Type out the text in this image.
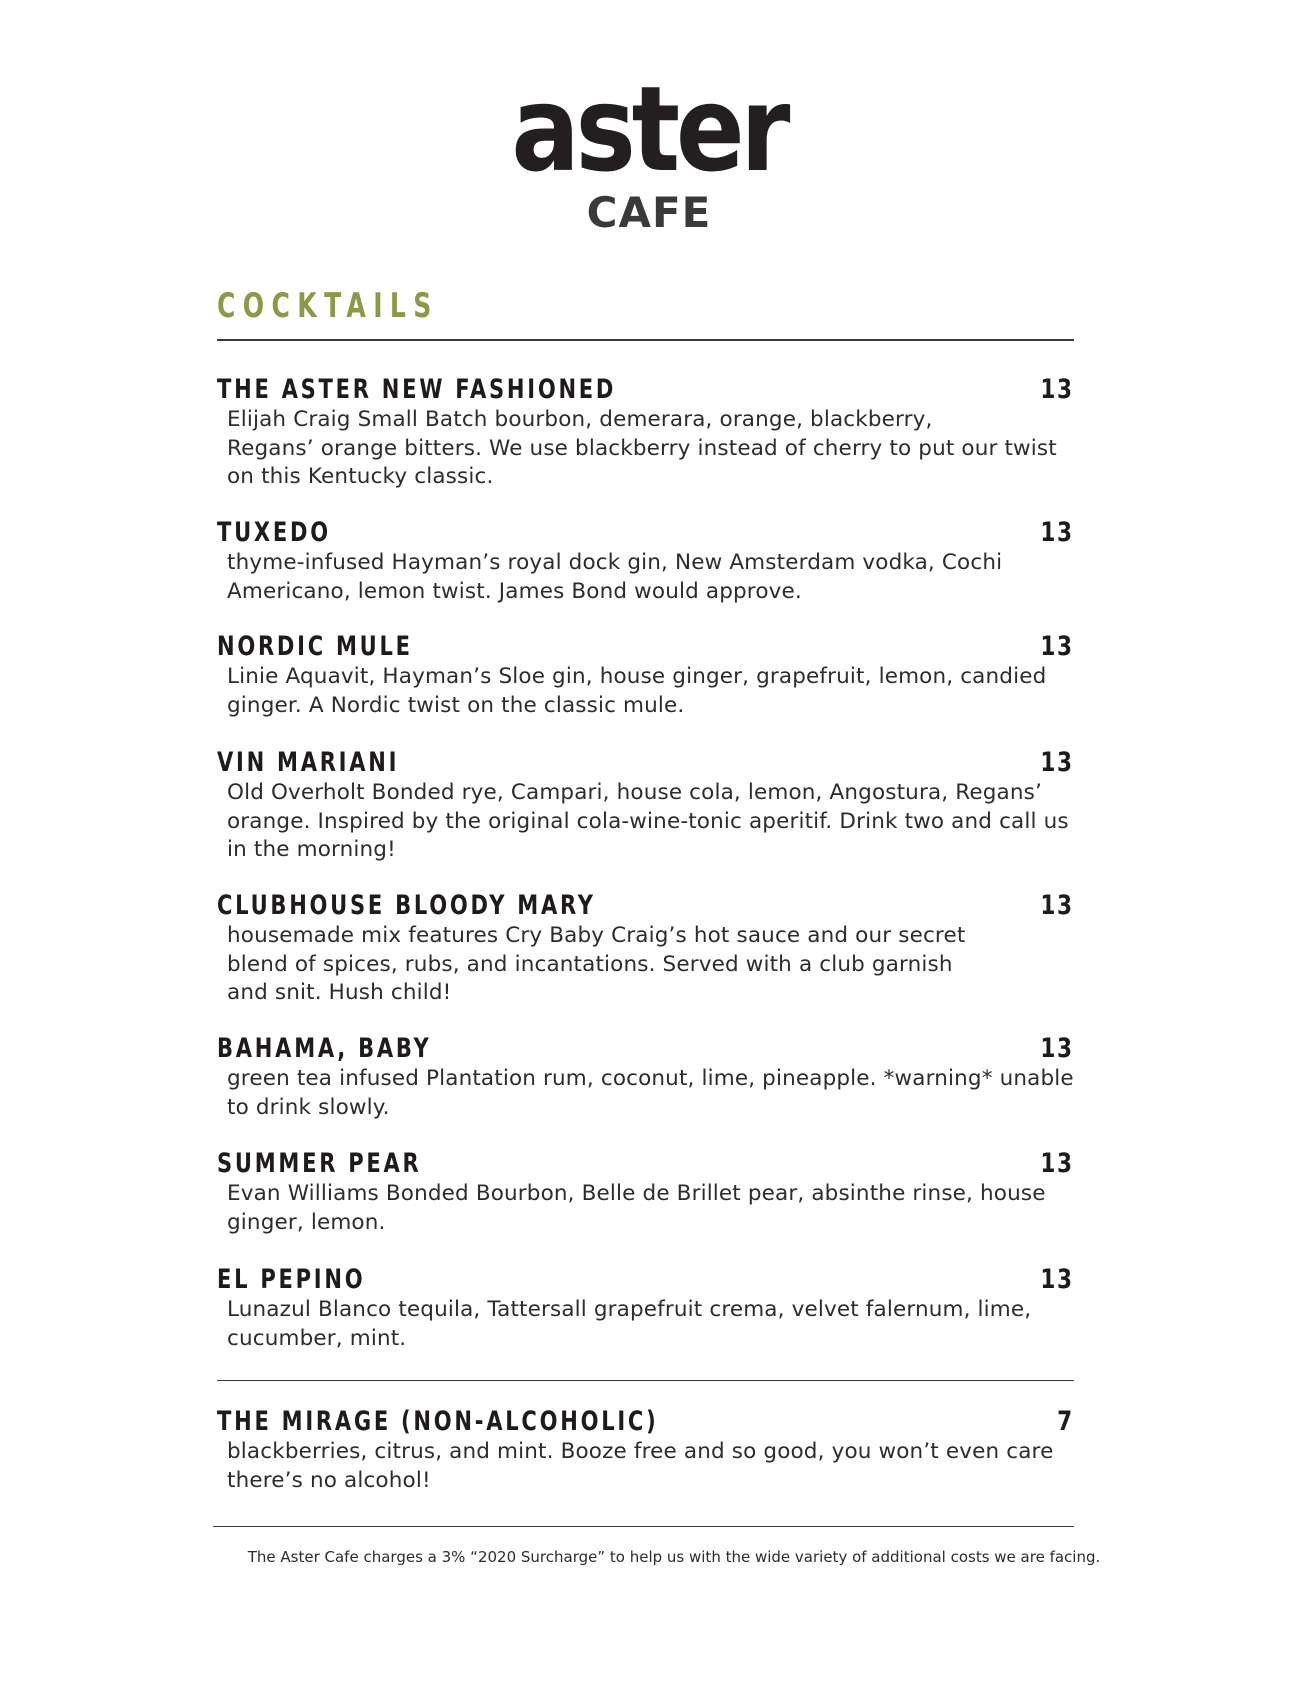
aster
CAFE
COCKTAILS
THE ASTER NEW FASHIONED	13
Elijah Craig Small Batch bourbon, demerara, orange, blackberry,
Regans’ orange bitters. We use blackberry instead of cherry to put our twist
on this Kentucky classic.
TUXEDO	13
thyme-infused Hayman’s royal dock gin, New Amsterdam vodka, Cochi
Americano, lemon twist. James Bond would approve.
NORDIC MULE	13
Linie Aquavit, Hayman’s Sloe gin, house ginger, grapefruit, lemon, candied
ginger. A Nordic twist on the classic mule.
VIN MARIANI	13
Old Overholt Bonded rye, Campari, house cola, lemon, Angostura, Regans’
orange. Inspired by the original cola-wine-tonic aperitif. Drink two and call us
in the morning!
CLUBHOUSE BLOODY MARY	13
housemade mix features Cry Baby Craig’s hot sauce and our secret
blend of spices, rubs, and incantations. Served with a club garnish
and snit. Hush child!
BAHAMA, BABY	13
green tea infused Plantation rum, coconut, lime, pineapple. *warning* unable
to drink slowly.
SUMMER PEAR	13
Evan Williams Bonded Bourbon, Belle de Brillet pear, absinthe rinse, house
ginger, lemon.
EL PEPINO	13
Lunazul Blanco tequila, Tattersall grapefruit crema, velvet falernum, lime,
cucumber, mint.
THE MIRAGE (NON-ALCOHOLIC)	7
blackberries, citrus, and mint. Booze free and so good, you won’t even care
there’s no alcohol!
The Aster Cafe charges a 3% “2020 Surcharge” to help us with the wide variety of additional costs we are facing.
